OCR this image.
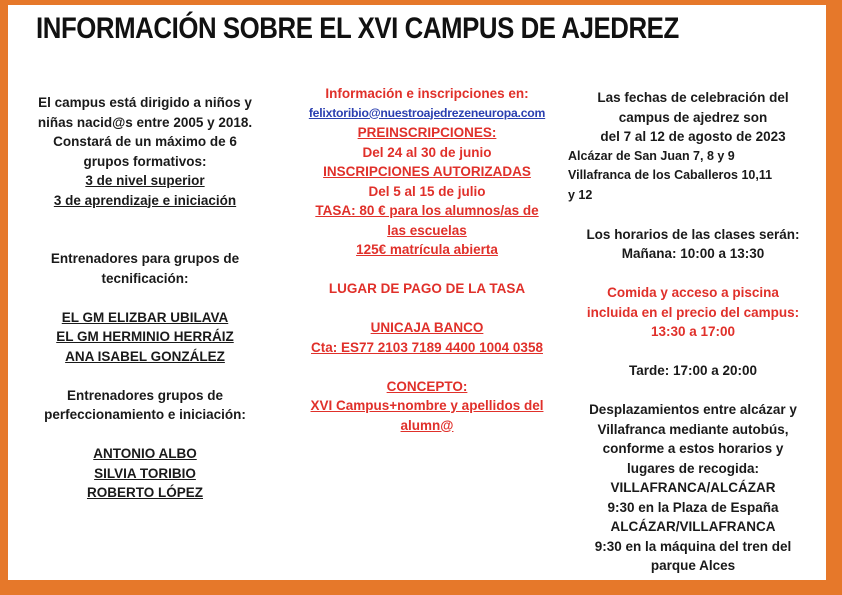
INFORMACIÓN SOBRE EL XVI CAMPUS DE AJEDREZ
El campus está dirigido a niños y
niñas nacid@s entre 2005 y 2018.
Constará de un máximo de 6
grupos formativos:
3 de nivel superior
3 de aprendizaje e iniciación
Entrenadores para grupos de
tecnificación:
EL GM ELIZBAR UBILAVA
EL GM HERMINIO HERRÁIZ
ANA ISABEL GONZÁLEZ
Entrenadores grupos de
perfeccionamiento e iniciación:
ANTONIO ALBO
SILVIA TORIBIO
ROBERTO LÓPEZ
Información e inscripciones en:
felixtoribio@nuestroajedrezeneuropa.com
PREINSCRIPCIONES:
Del 24 al 30 de junio
INSCRIPCIONES AUTORIZADAS
Del 5 al 15 de julio
TASA: 80 € para los alumnos/as de
las escuelas
125€ matrícula abierta
LUGAR DE PAGO DE LA TASA
UNICAJA BANCO
Cta: ES77 2103 7189 4400 1004 0358
CONCEPTO:
XVI Campus+nombre y apellidos del
alumn@
Las fechas de celebración del
campus de ajedrez son
del 7 al 12 de agosto de 2023
Alcázar de San Juan 7, 8 y 9
Villafranca de los Caballeros 10,11
y 12
Los horarios de las clases serán:
Mañana: 10:00 a 13:30
Comida y acceso a piscina
incluida en el precio del campus:
13:30 a 17:00
Tarde: 17:00 a 20:00
Desplazamientos entre alcázar y
Villafranca mediante autobús,
conforme a estos horarios y
lugares de recogida:
VILLAFRANCA/ALCÁZAR
9:30 en la Plaza de España
ALCÁZAR/VILLAFRANCA
9:30 en la máquina del tren del
parque Alces
